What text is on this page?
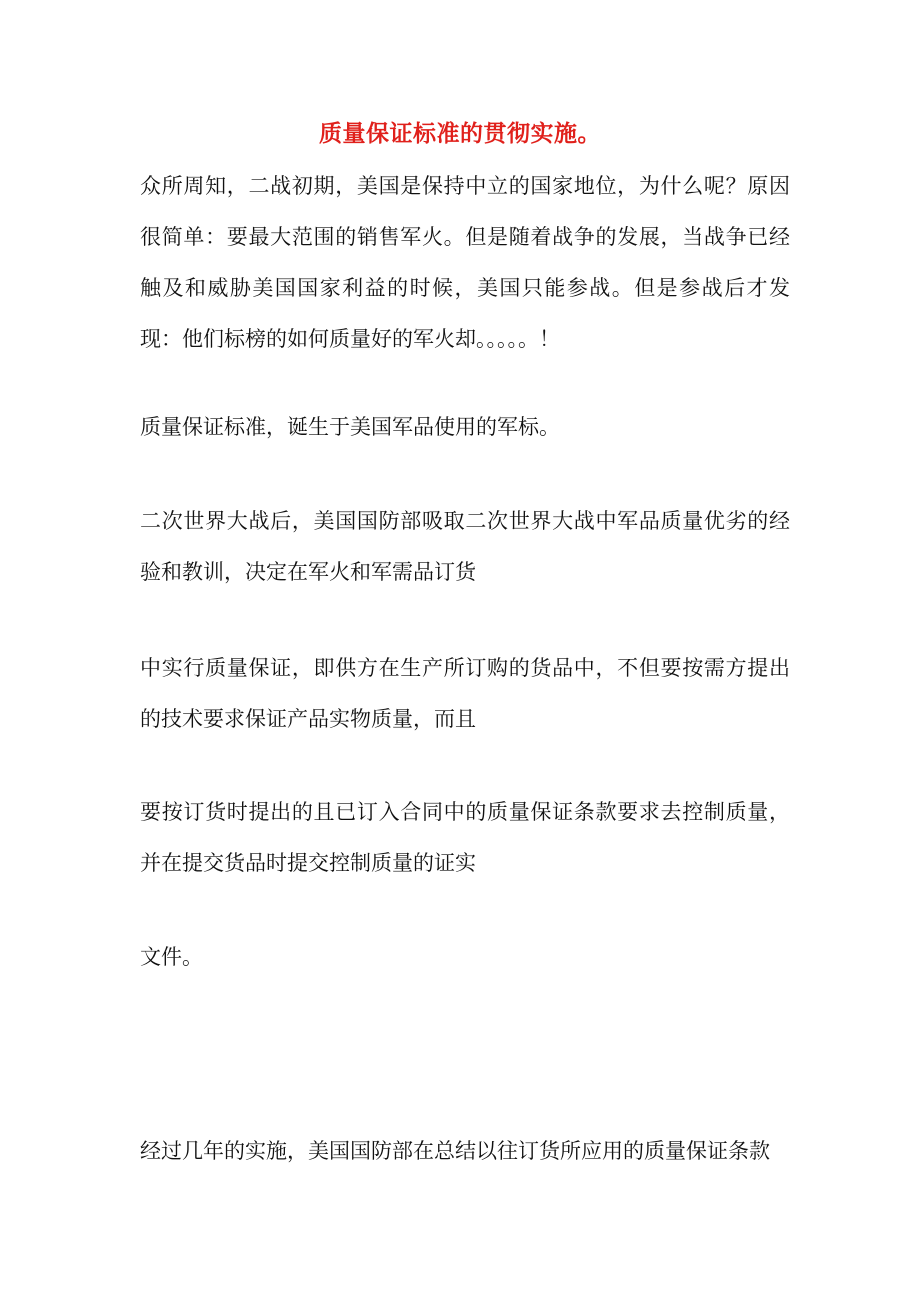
质量保证标准的贯彻实施。

众所周知，二战初期，美国是保持中立的国家地位，为什么呢？原因很简单：要最大范围的销售军火。但是随着战争的发展，当战争已经触及和威胁美国国家利益的时候，美国只能参战。但是参战后才发现：他们标榜的如何质量好的军火却。。。。。！

质量保证标准，诞生于美国军品使用的军标。

二次世界大战后，美国国防部吸取二次世界大战中军品质量优劣的经验和教训，决定在军火和军需品订货

中实行质量保证，即供方在生产所订购的货品中，不但要按需方提出的技术要求保证产品实物质量，而且

要按订货时提出的且已订入合同中的质量保证条款要求去控制质量，并在提交货品时提交控制质量的证实

文件。

经过几年的实施，美国国防部在总结以往订货所应用的质量保证条款
